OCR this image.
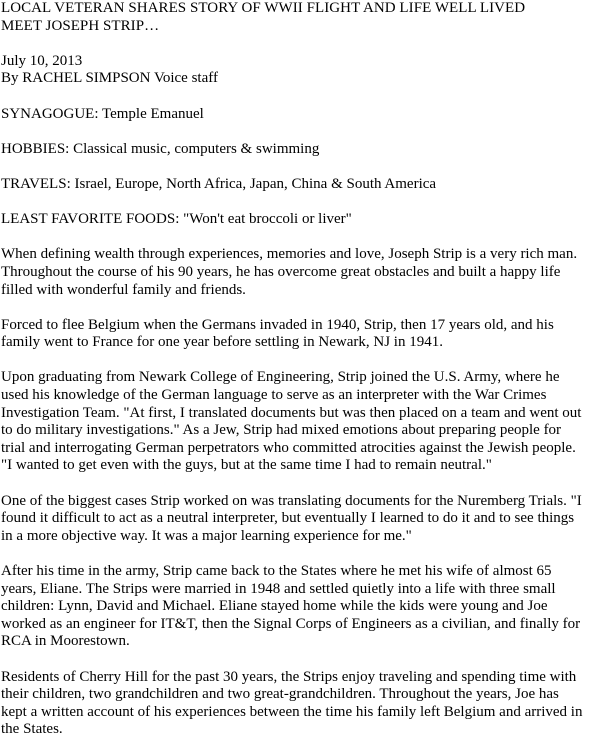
LOCAL VETERAN SHARES STORY OF WWII FLIGHT AND LIFE WELL LIVED
MEET JOSEPH STRIP…
July 10, 2013
By RACHEL SIMPSON Voice staff
SYNAGOGUE: Temple Emanuel
HOBBIES: Classical music, computers & swimming
TRAVELS: Israel, Europe, North Africa, Japan, China & South America
LEAST FAVORITE FOODS: "Won't eat broccoli or liver"
When defining wealth through experiences, memories and love, Joseph Strip is a very rich man.
Throughout the course of his 90 years, he has overcome great obstacles and built a happy life
filled with wonderful family and friends.
Forced to flee Belgium when the Germans invaded in 1940, Strip, then 17 years old, and his
family went to France for one year before settling in Newark, NJ in 1941.
Upon graduating from Newark College of Engineering, Strip joined the U.S. Army, where he
used his knowledge of the German language to serve as an interpreter with the War Crimes
Investigation Team. "At first, I translated documents but was then placed on a team and went out
to do military investigations." As a Jew, Strip had mixed emotions about preparing people for
trial and interrogating German perpetrators who committed atrocities against the Jewish people.
"I wanted to get even with the guys, but at the same time I had to remain neutral."
One of the biggest cases Strip worked on was translating documents for the Nuremberg Trials. "I
found it difficult to act as a neutral interpreter, but eventually I learned to do it and to see things
in a more objective way. It was a major learning experience for me."
After his time in the army, Strip came back to the States where he met his wife of almost 65
years, Eliane. The Strips were married in 1948 and settled quietly into a life with three small
children: Lynn, David and Michael. Eliane stayed home while the kids were young and Joe
worked as an engineer for IT&T, then the Signal Corps of Engineers as a civilian, and finally for
RCA in Moorestown.
Residents of Cherry Hill for the past 30 years, the Strips enjoy traveling and spending time with
their children, two grandchildren and two great-grandchildren. Throughout the years, Joe has
kept a written account of his experiences between the time his family left Belgium and arrived in
the States.
